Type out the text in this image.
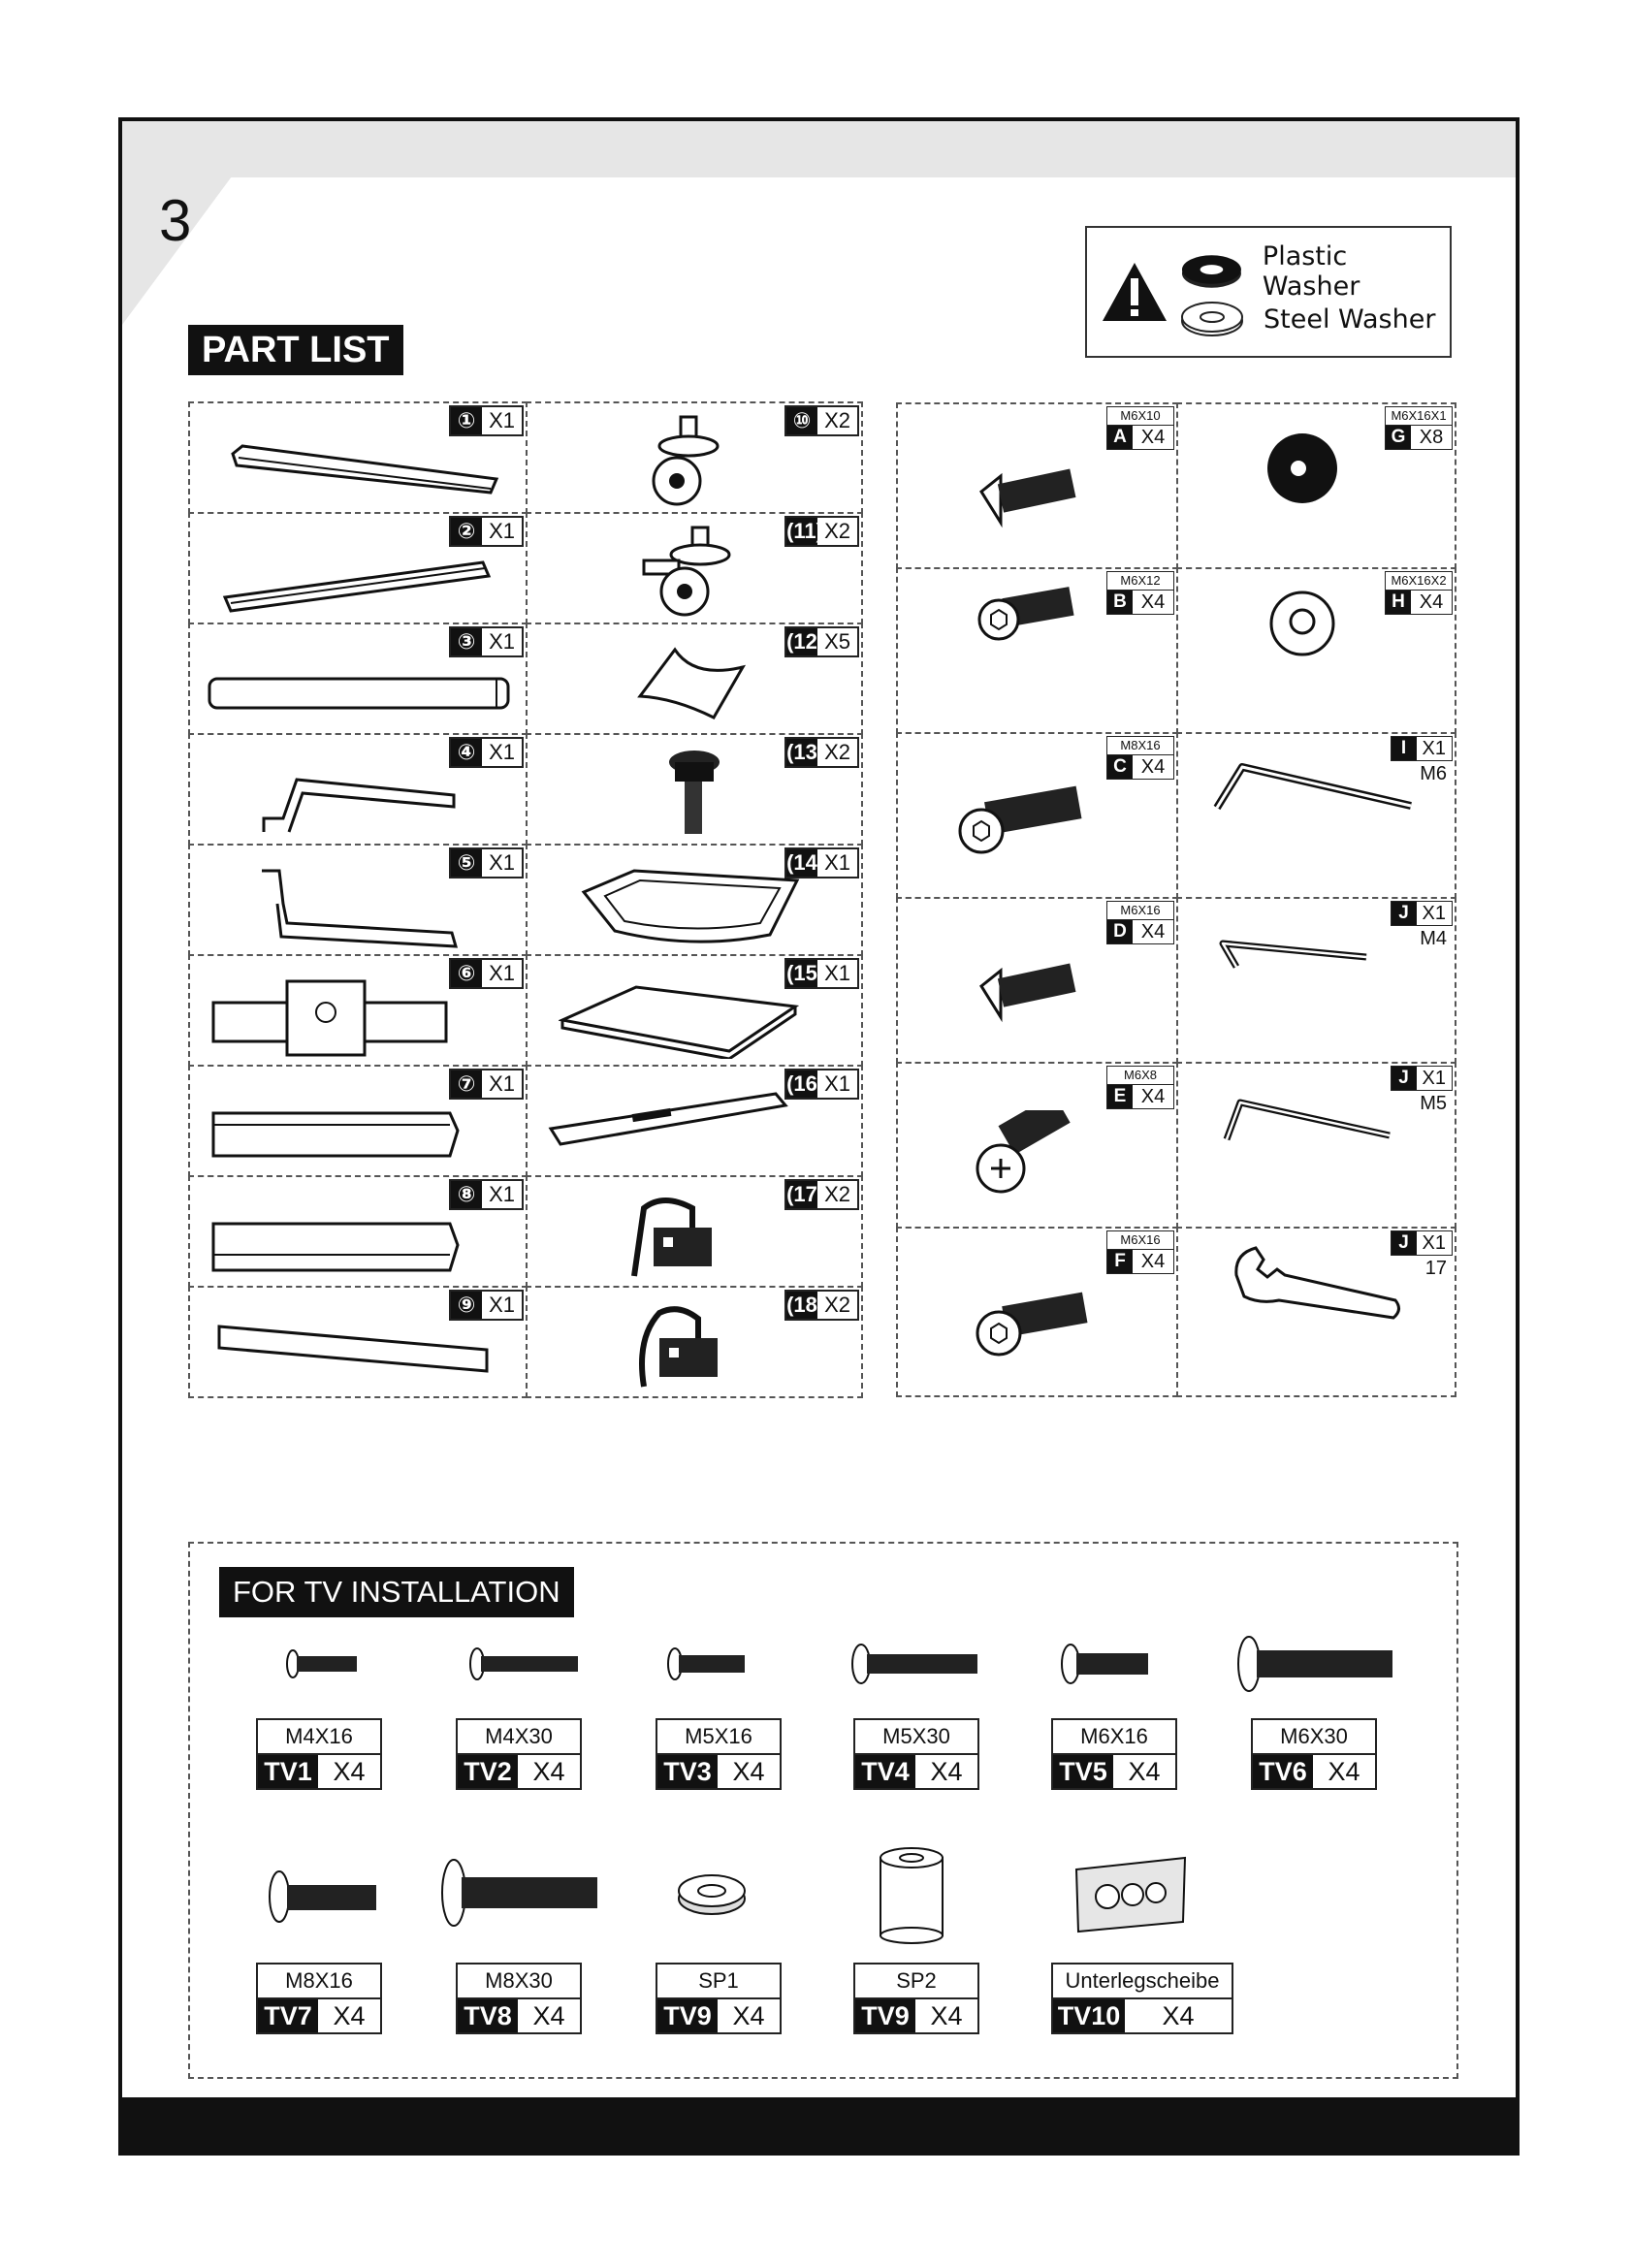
3
Plastic Washer
Steel Washer
PART LIST
① X1
② X1
③ X1
④ X1
⑤ X1
⑥ X1
⑦ X1
⑧ X1
⑨ X1
⑩ X2
(11) X2
(12) X5
(13) X2
(14) X1
(15) X1
(16) X1
(17) X2
(18) X2
M6X10
A X4
M6X16X1
G X8
M6X12
B X4
M6X16X2
H X4
M8X16
C X4
I X1
M6
M6X16
D X4
J X1
M4
M6X8
E X4
J X1
M5
M6X16
F X4
J X1
17
FOR TV INSTALLATION
M4X16
TV1 X4
M4X30
TV2 X4
M5X16
TV3 X4
M5X30
TV4 X4
M6X16
TV5 X4
M6X30
TV6 X4
M8X16
TV7 X4
M8X30
TV8 X4
SP1
TV9 X4
SP2
TV9 X4
Unterlegscheibe
TV10	X4
